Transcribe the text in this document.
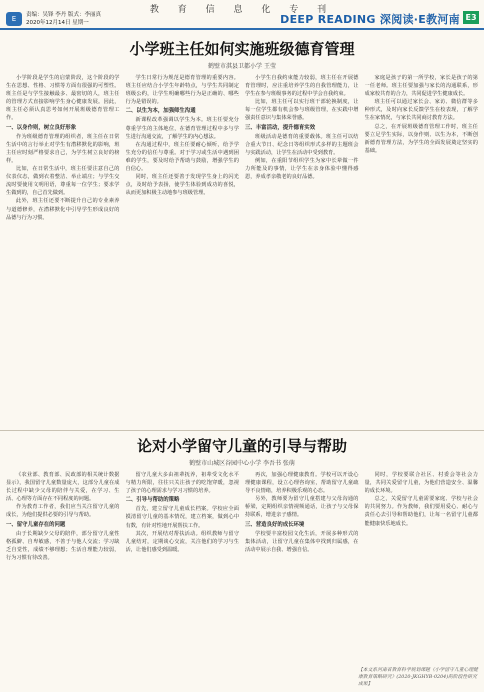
教 育 信 息 化 专 刊
E	责编：吴锋 李丹 版式：李丽真
2020年12月14日 星期一	DEEP READING 深阅读·E教河南 E3
小学班主任如何实施班级德育管理
鹤壁市淇县卫都小学 王莹

小学阶段是学生的启蒙阶段，这个阶段的学生在思想、性格、习惯等方面有很强的可塑性。班主任是与学生接触最多、最密切的人，班主任的管理方式直接影响学生身心健康发展。因此，班主任必须认真思考如何开展班级德育管理工作。

一、以身作则，树立良好形象

作为班级德育管理的组织者，班主任在日常生活中的言行举止对学生有潜移默化的影响，班主任应时刻严格要求自己，为学生树立良好的榜样。

比如，在日常生活中，班主任要注意自己的仪表仪态，做到衣着整洁、举止端庄；与学生交流时要使用文明用语，尊重每一位学生；要求学生做到的，自己首先做到。

此外，班主任还要不断提升自己的专业素养与道德修养，在潜移默化中引导学生形成良好的品德与行为习惯。

学生日常行为规范是德育管理的重要内容。班主任应结合小学生年龄特点，与学生共同制定班级公约，让学生明确哪些行为是正确的、哪些行为是错误的。

二、以生为本，加强师生沟通

新课程改革强调以学生为本。班主任要充分尊重学生的主体地位，在德育管理过程中多与学生进行沟通交流，了解学生的内心想法。

在沟通过程中，班主任要耐心倾听，给予学生充分的信任与尊重。对于学习或生活中遇到困难的学生，要及时给予帮助与鼓励，增强学生的自信心。

同时，班主任还要善于发现学生身上的闪光点，及时给予表扬，使学生体验到成功的喜悦，从而更加积极主动地参与班级管理。

小学生自我约束能力较弱，班主任在开展德育管理时，应注重培养学生的自我管理能力，让学生在参与班级事务的过程中学会自我约束。

比如，班主任可以实行班干部轮换制度，让每一位学生都有机会参与班级管理，在实践中增强责任意识与集体荣誉感。

三、丰富活动，提升德育实效

班级活动是德育的重要载体。班主任可以结合重大节日、纪念日等组织形式多样的主题班会与实践活动，让学生在活动中受到教育。

例如，在重阳节组织学生为家中长辈做一件力所能及的事情，让学生在亲身体验中懂得感恩，养成孝亲敬老的良好品德。

家庭是孩子的第一所学校，家长是孩子的第一任老师。班主任要加强与家长的沟通联系，形成家校共育的合力，共同促进学生健康成长。

班主任可以通过家长会、家访、微信群等多种形式，及时向家长反馈学生在校表现，了解学生在家情况，与家长共同商讨教育方法。

总之，在开展班级德育管理工作时，班主任要立足学生实际，以身作则、以生为本，不断创新德育管理方法，为学生的全面发展奠定坚实的基础。

论对小学留守儿童的引导与帮助
鹤壁市山城区谷园中心小学 李吾书 张萌

《农业部、教育部、民政部的相关统计数据显示》，我国留守儿童数量庞大，这部分儿童在成长过程中缺少父母的陪伴与关爱，在学习、生活、心理等方面存在不同程度的问题。

作为教育工作者，我们应当关注留守儿童的成长，为他们提供必要的引导与帮助。

一、留守儿童存在的问题

由于长期缺少父母的陪伴，部分留守儿童性格孤僻、自卑敏感，不善于与他人交流；学习缺乏自觉性，成绩不够理想；生活自理能力较弱，行为习惯有待改善。

留守儿童大多由祖辈抚养，祖辈受文化水平与精力所限，往往只关注孩子的吃饱穿暖，忽视了孩子的心理需求与学习习惯的培养。

二、引导与帮助的策略

首先，建立留守儿童成长档案。学校应全面摸清留守儿童的基本情况，建立档案，做到心中有数，有针对性地开展帮扶工作。

其次，开展结对帮扶活动。组织教师与留守儿童结对，定期谈心交流，关注他们的学习与生活，让他们感受到温暖。

再次，加强心理健康教育。学校可以开设心理健康课程，设立心理咨询室，帮助留守儿童疏导不良情绪，培养积极乐观的心态。

另外，教师要为留守儿童搭建与父母沟通的桥梁，定期组织亲情视频通话，让孩子与父母保持联系，增进亲子感情。

三、营造良好的成长环境

学校要丰富校园文化生活，开展多种形式的集体活动，让留守儿童在集体中找到归属感，在活动中展示自我、增强自信。

同时，学校要联合社区、村委会等社会力量，共同关爱留守儿童，为他们营造安全、温馨的成长环境。

总之，关爱留守儿童需要家庭、学校与社会的共同努力。作为教师，我们要用爱心、耐心与责任心去引导和帮助他们，让每一名留守儿童都能健康快乐地成长。

【本文系河南省教育科学规划课题《小学留守儿童心理健康教育策略研究》(2020-JKGHYB-0204)的阶段性研究成果】
